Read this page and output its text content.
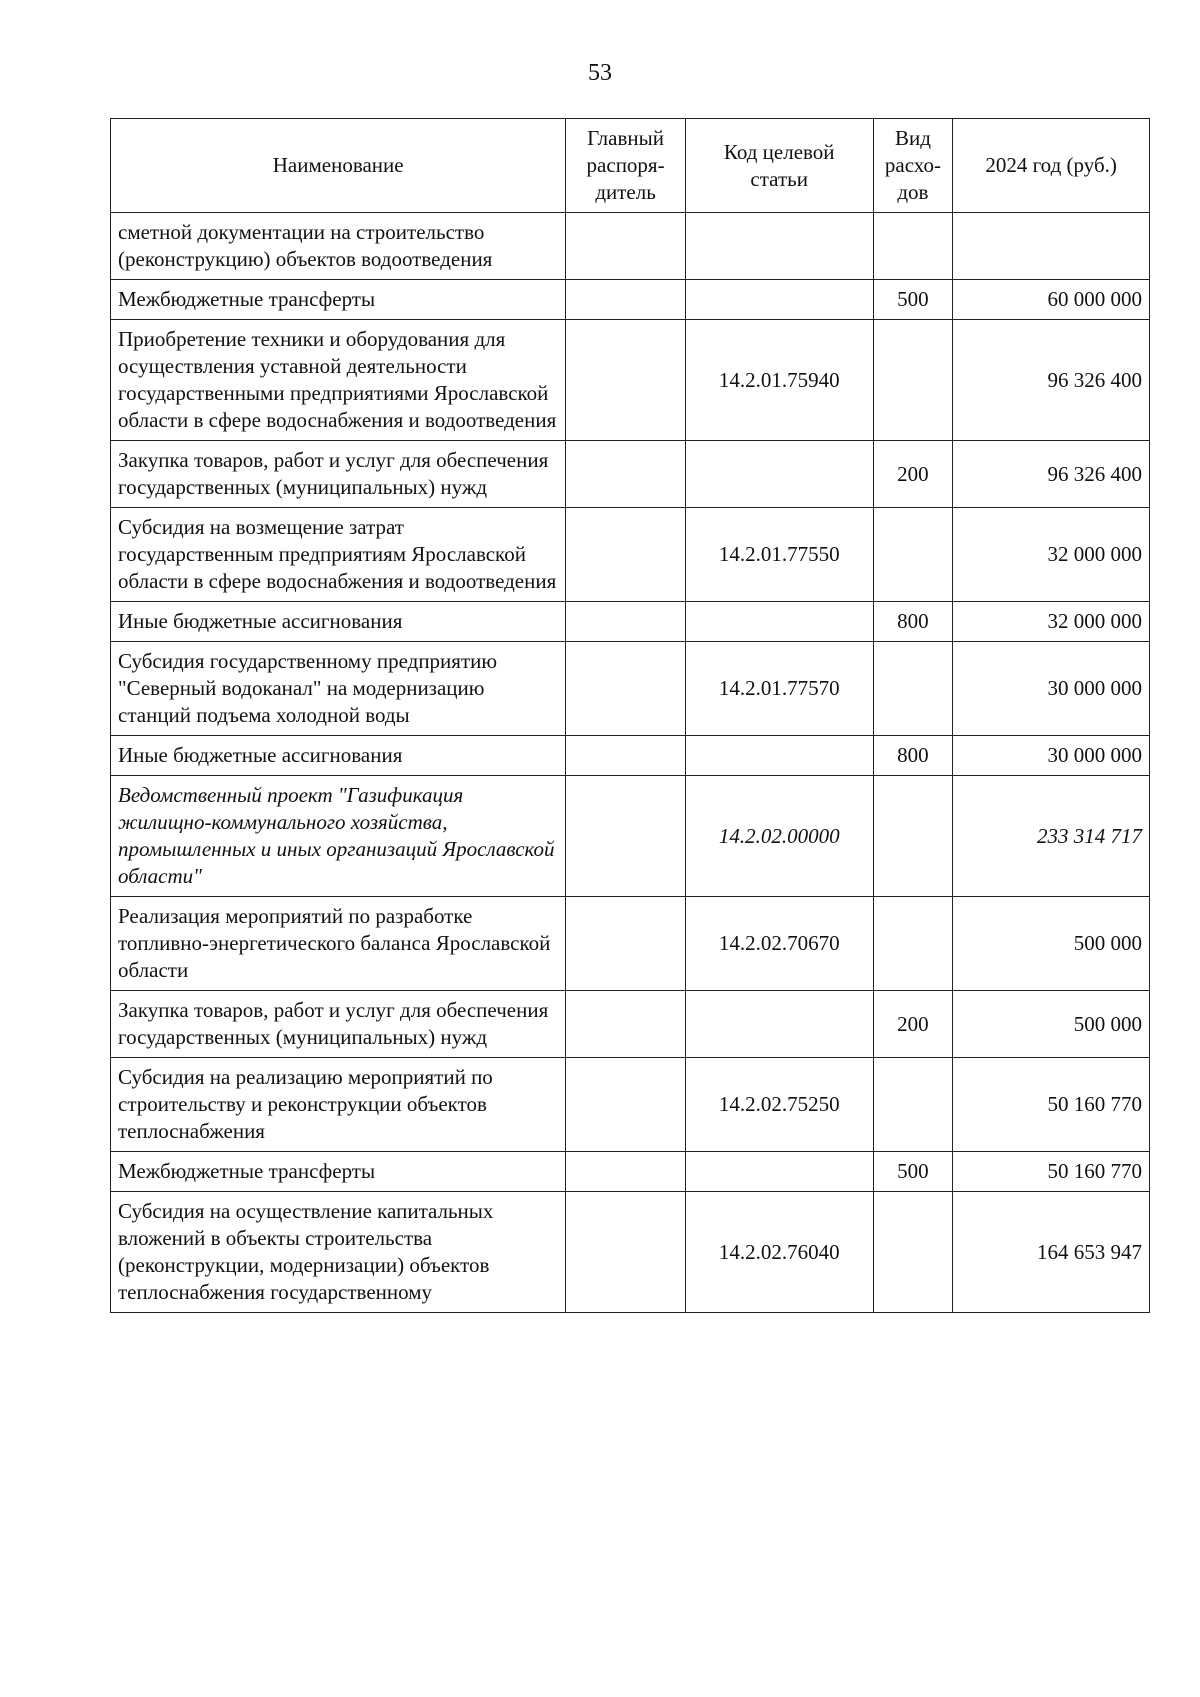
53
Наименование	Главный распоря-дитель	Код целевой статьи	Вид расхо-дов	2024 год (руб.)
сметной документации на строительство (реконструкцию) объектов водоотведения				
Межбюджетные трансферты			500	60 000 000
Приобретение техники и оборудования для осуществления уставной деятельности государственными предприятиями Ярославской области в сфере водоснабжения и водоотведения		14.2.01.75940		96 326 400
Закупка товаров, работ и услуг для обеспечения государственных (муниципальных) нужд			200	96 326 400
Субсидия на возмещение затрат государственным предприятиям Ярославской области в сфере водоснабжения и водоотведения		14.2.01.77550		32 000 000
Иные бюджетные ассигнования			800	32 000 000
Субсидия государственному предприятию "Северный водоканал" на модернизацию станций подъема холодной воды		14.2.01.77570		30 000 000
Иные бюджетные ассигнования			800	30 000 000
Ведомственный проект "Газификация жилищно-коммунального хозяйства, промышленных и иных организаций Ярославской области"		14.2.02.00000		233 314 717
Реализация мероприятий по разработке топливно-энергетического баланса Ярославской области		14.2.02.70670		500 000
Закупка товаров, работ и услуг для обеспечения государственных (муниципальных) нужд			200	500 000
Субсидия на реализацию мероприятий по строительству и реконструкции объектов теплоснабжения		14.2.02.75250		50 160 770
Межбюджетные трансферты			500	50 160 770
Субсидия на осуществление капитальных вложений в объекты строительства (реконструкции, модернизации) объектов теплоснабжения государственному		14.2.02.76040		164 653 947
